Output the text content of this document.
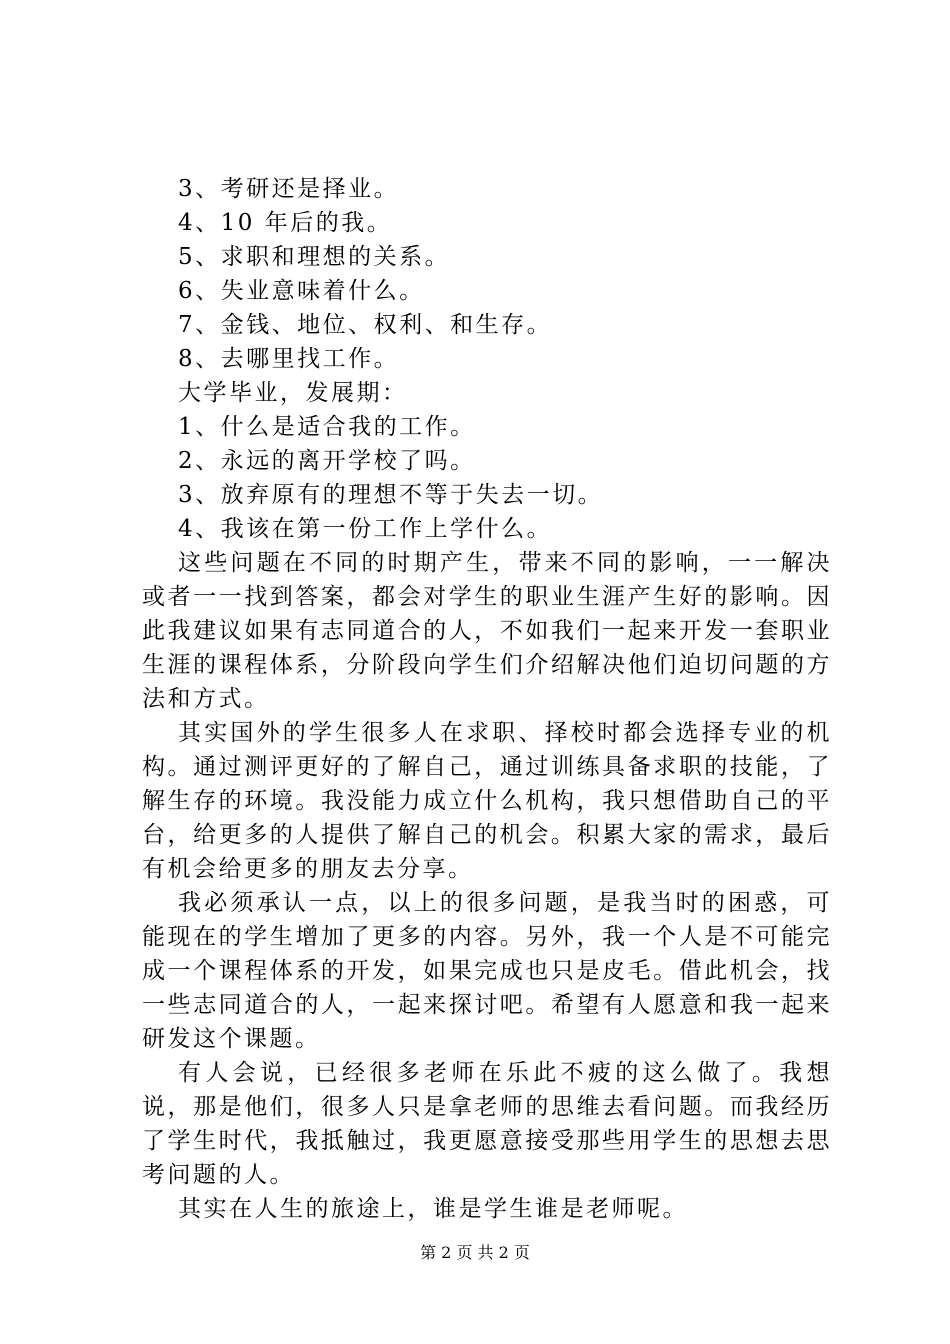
3、考研还是择业。
4、10 年后的我。
5、求职和理想的关系。
6、失业意味着什么。
7、金钱、地位、权利、和生存。
8、去哪里找工作。
大学毕业，发展期：
1、什么是适合我的工作。
2、永远的离开学校了吗。
3、放弃原有的理想不等于失去一切。
4、我该在第一份工作上学什么。

这些问题在不同的时期产生，带来不同的影响，一一解决或者一一找到答案，都会对学生的职业生涯产生好的影响。因此我建议如果有志同道合的人，不如我们一起来开发一套职业生涯的课程体系，分阶段向学生们介绍解决他们迫切问题的方法和方式。

其实国外的学生很多人在求职、择校时都会选择专业的机构。通过测评更好的了解自己，通过训练具备求职的技能，了解生存的环境。我没能力成立什么机构，我只想借助自己的平台，给更多的人提供了解自己的机会。积累大家的需求，最后有机会给更多的朋友去分享。

我必须承认一点，以上的很多问题，是我当时的困惑，可能现在的学生增加了更多的内容。另外，我一个人是不可能完成一个课程体系的开发，如果完成也只是皮毛。借此机会，找一些志同道合的人，一起来探讨吧。希望有人愿意和我一起来研发这个课题。

有人会说，已经很多老师在乐此不疲的这么做了。我想说，那是他们，很多人只是拿老师的思维去看问题。而我经历了学生时代，我抵触过，我更愿意接受那些用学生的思想去思考问题的人。

其实在人生的旅途上，谁是学生谁是老师呢。

第 2 页 共 2 页
